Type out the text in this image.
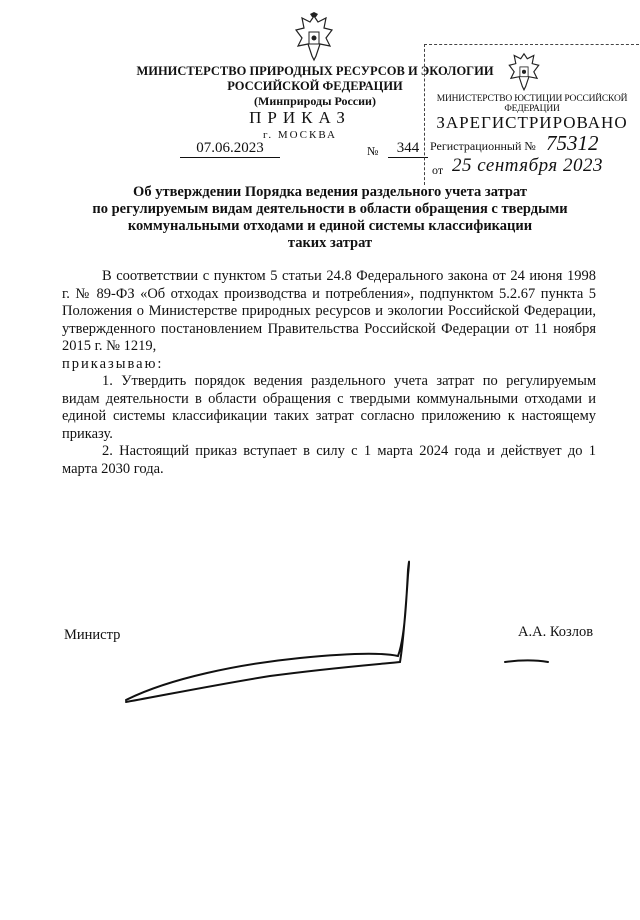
МИНИСТЕРСТВО ПРИРОДНЫХ РЕСУРСОВ И ЭКОЛОГИИ
РОССИЙСКОЙ ФЕДЕРАЦИИ
(Минприроды России)
ПРИКАЗ
г. МОСКВА
07.06.2023	№	344
МИНИСТЕРСТВО ЮСТИЦИИ РОССИЙСКОЙ ФЕДЕРАЦИИ
ЗАРЕГИСТРИРОВАНО
Регистрационный № 75312
от 25 сентября 2023
Об утверждении Порядка ведения раздельного учета затрат
по регулируемым видам деятельности в области обращения с твердыми
коммунальными отходами и единой системы классификации
таких затрат

В соответствии с пунктом 5 статьи 24.8 Федерального закона от 24 июня 1998 г. № 89-ФЗ «Об отходах производства и потребления», подпунктом 5.2.67 пункта 5 Положения о Министерстве природных ресурсов и экологии Российской Федерации, утвержденного постановлением Правительства Российской Федерации от 11 ноября 2015 г. № 1219,

приказываю:

1. Утвердить порядок ведения раздельного учета затрат по регулируемым видам деятельности в области обращения с твердыми коммунальными отходами и единой системы классификации таких затрат согласно приложению к настоящему приказу.

2. Настоящий приказ вступает в силу с 1 марта 2024 года и действует до 1 марта 2030 года.

Министр	А.А. Козлов
